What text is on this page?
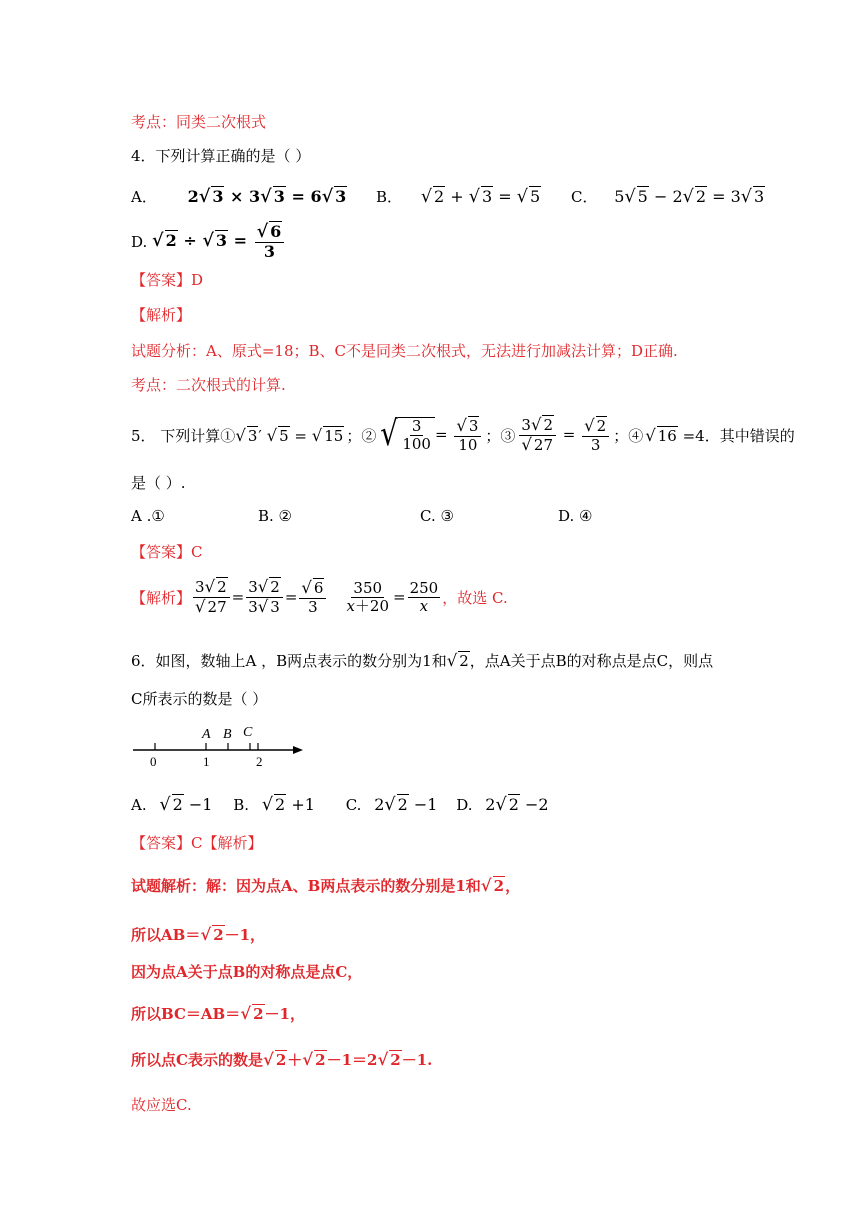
考点：同类二次根式
4．下列计算正确的是（ ）
A． 2√ 3 × 3√ 3 = 6√ 3 B． √ 2 + √ 3 = √ 5 C． 5√ 5 − 2√ 2 = 3√ 3
D. √ 2 ÷ √ $3 = \frac{√ 6}{3}$
【答案】D
【解析】
试题分析：A、原式=18；B、C不是同类二次根式，无法进行加减法计算；D正确.
考点：二次根式的计算.
5． 下列计算① √ 3′ √ 5 = √ 15 ；② √ $\frac{3}{100} = \frac{√ 3}{10}$ ；③ $\frac{3√ 2}{√ 27} = \frac{√ 2}{3}$ ；④ √ 16 =4 ．其中错误的
是（ ）.
A .①	B. ②	C. ③	D. ④
【答案】C
【解析】 $\frac{3√ 2}{√ 27} = \frac{3√ 2}{3√ 3} = \frac{√ 6}{3} \frac{350}{x+20} = \frac{250}{x}$ ，故选 C.
6．如图，数轴上A ，B两点表示的数分别为1和√ 2，点A关于点B的对称点是点C，则点
C所表示的数是（ ）
A B C
0	1	2
A. √ 2 −1 B. √ 2 +1 C. 2√ 2 −1 D. 2√ 2 −2
【答案】C【解析】
试题解析：解：因为点A、B两点表示的数分别是1和√ 2，
所以AB＝√ 2－1，
因为点A关于点B的对称点是点C，
所以BC＝AB＝√ 2－1，
所以点C表示的数是√ 2＋√ 2－1＝2√ 2－1.
故应选C.
